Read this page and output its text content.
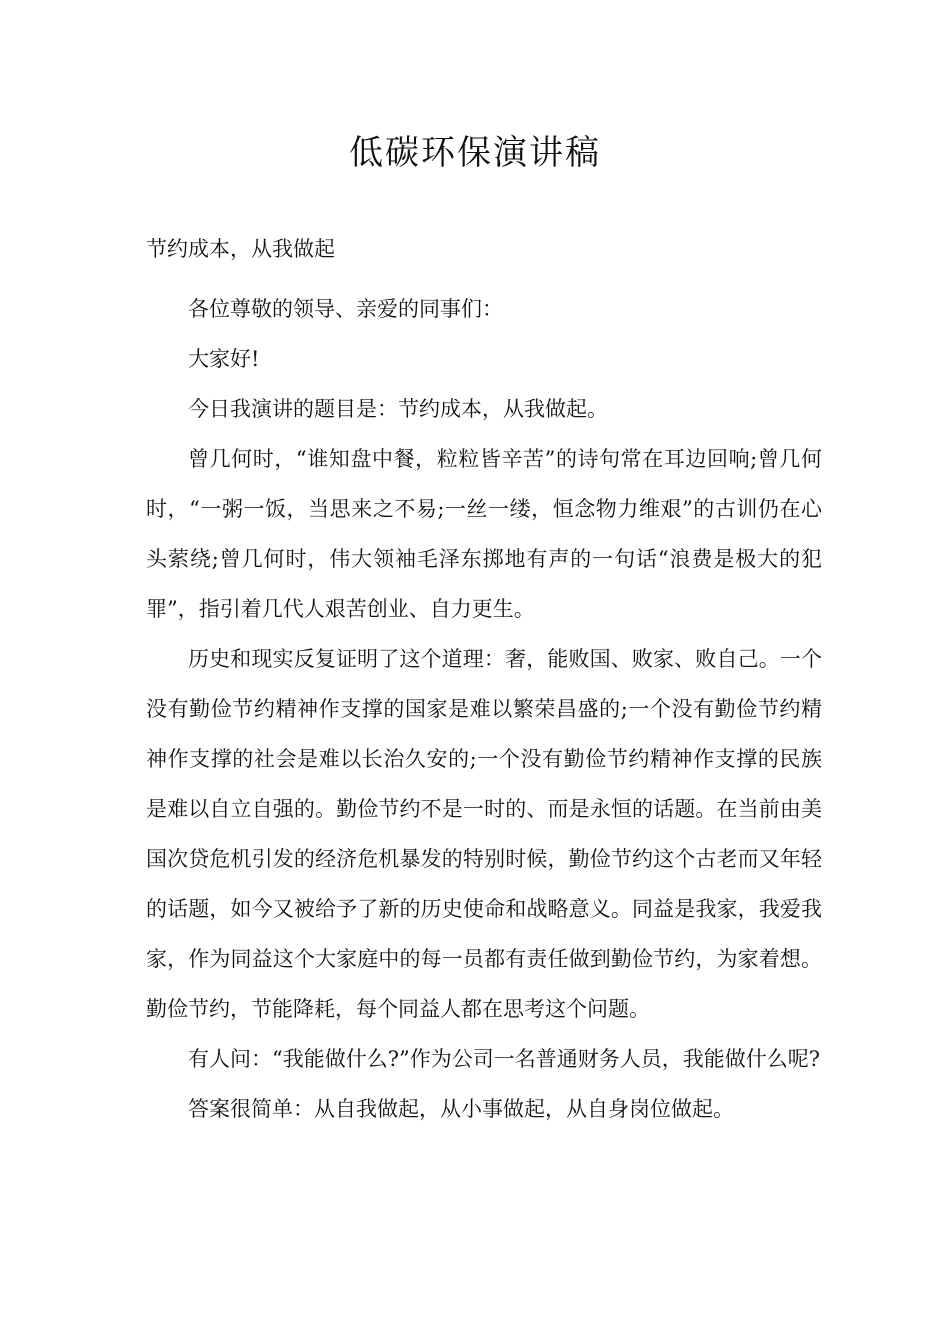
低碳环保演讲稿

节约成本，从我做起

各位尊敬的领导、亲爱的同事们：

大家好!

今日我演讲的题目是：节约成本，从我做起。

曾几何时，“谁知盘中餐，粒粒皆辛苦”的诗句常在耳边回响;曾几何时，“一粥一饭，当思来之不易;一丝一缕，恒念物力维艰”的古训仍在心头萦绕;曾几何时，伟大领袖毛泽东掷地有声的一句话“浪费是极大的犯罪”，指引着几代人艰苦创业、自力更生。

历史和现实反复证明了这个道理：奢，能败国、败家、败自己。一个没有勤俭节约精神作支撑的国家是难以繁荣昌盛的;一个没有勤俭节约精神作支撑的社会是难以长治久安的;一个没有勤俭节约精神作支撑的民族是难以自立自强的。勤俭节约不是一时的、而是永恒的话题。在当前由美国次贷危机引发的经济危机暴发的特别时候，勤俭节约这个古老而又年轻的话题，如今又被给予了新的历史使命和战略意义。同益是我家，我爱我家，作为同益这个大家庭中的每一员都有责任做到勤俭节约，为家着想。勤俭节约，节能降耗，每个同益人都在思考这个问题。

有人问：“我能做什么?”作为公司一名普通财务人员，我能做什么呢?

答案很简单：从自我做起，从小事做起，从自身岗位做起。
